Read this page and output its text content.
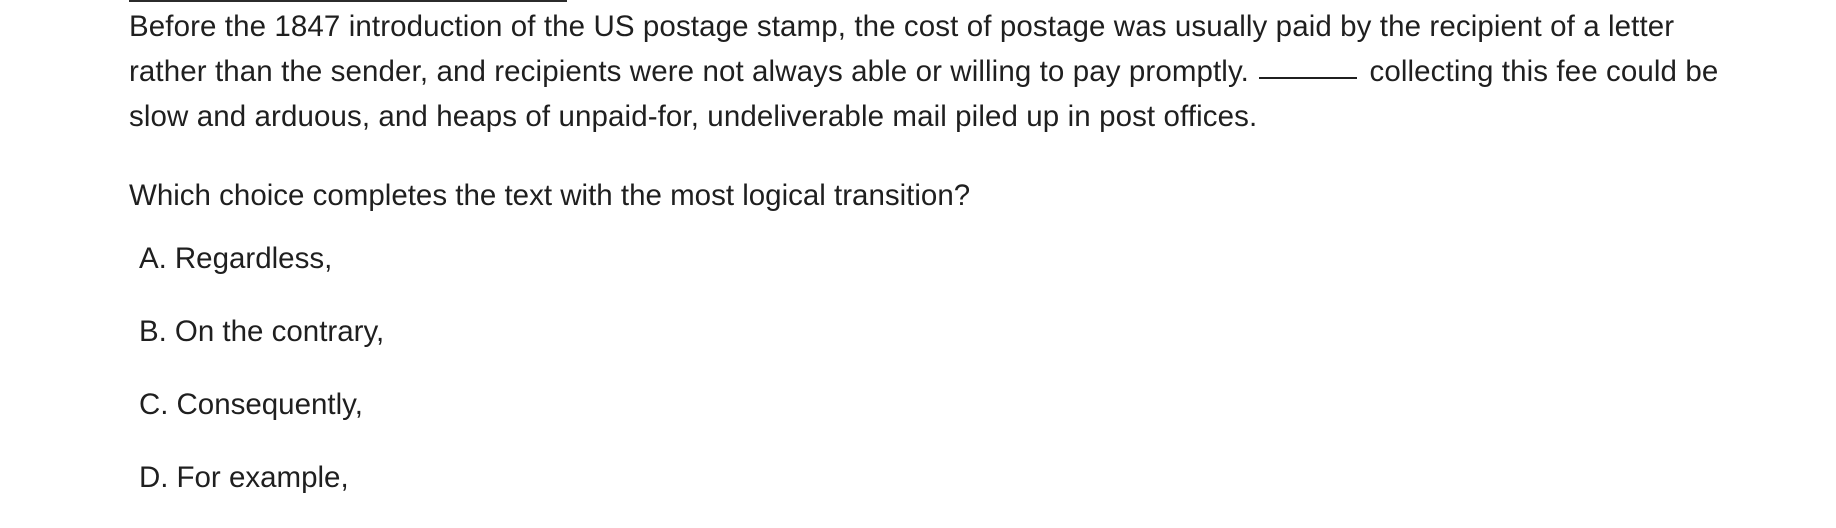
Before the 1847 introduction of the US postage stamp, the cost of postage was usually paid by the recipient of a letter rather than the sender, and recipients were not always able or willing to pay promptly.	collecting this fee could be slow and arduous, and heaps of unpaid-for, undeliverable mail piled up in post offices.
Which choice completes the text with the most logical transition?
A. Regardless,
B. On the contrary,
C. Consequently,
D. For example,
